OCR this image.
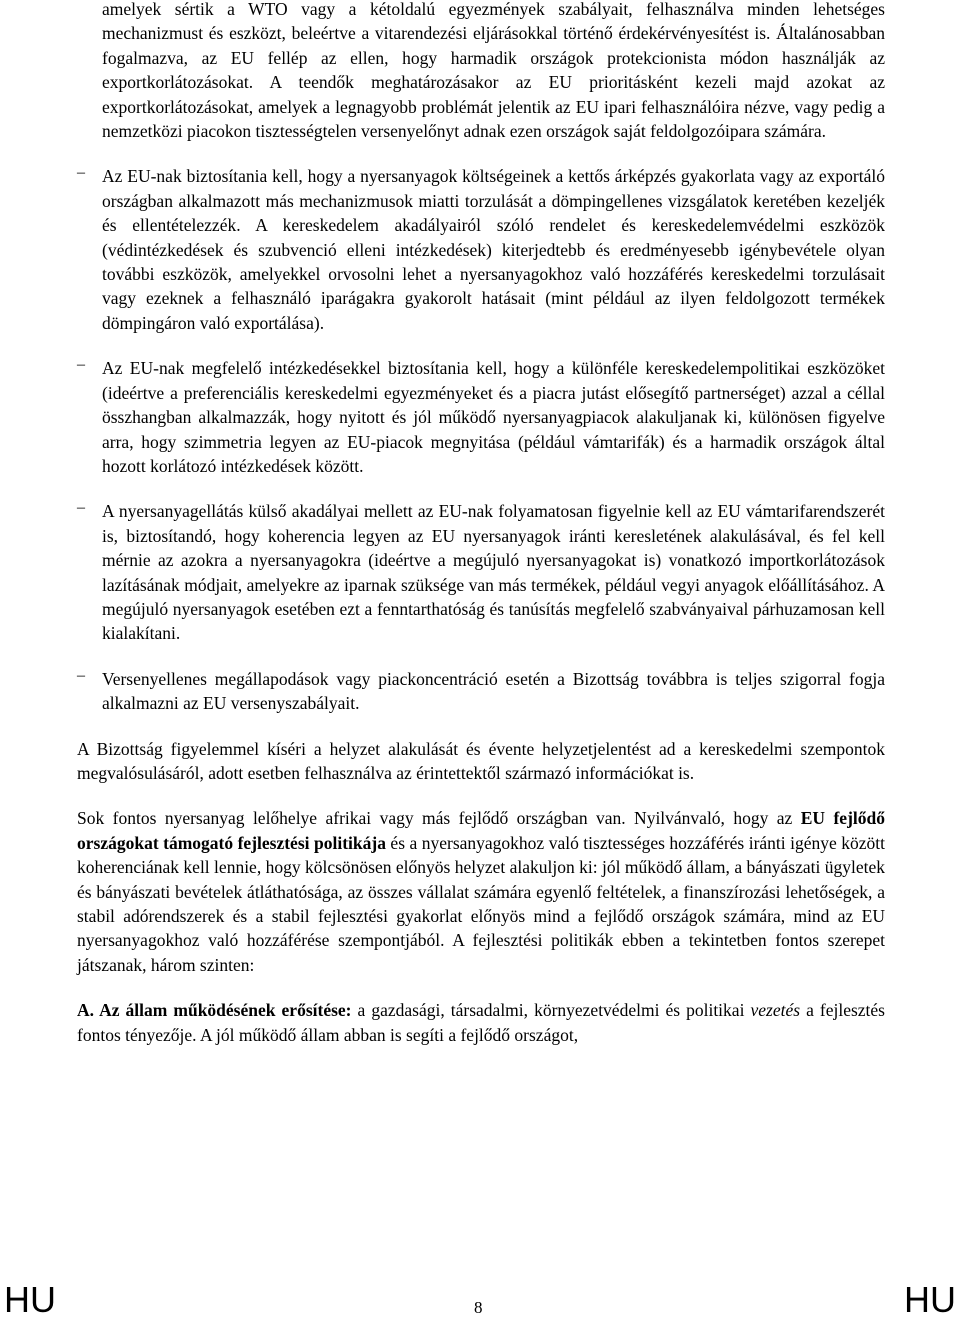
amelyek sértik a WTO vagy a kétoldalú egyezmények szabályait, felhasználva minden lehetséges mechanizmust és eszközt, beleértve a vitarendezési eljárásokkal történő érdekérvényesítést is. Általánosabban fogalmazva, az EU fellép az ellen, hogy harmadik országok protekcionista módon használják az exportkorlátozásokat. A teendők meghatározásakor az EU prioritásként kezeli majd azokat az exportkorlátozásokat, amelyek a legnagyobb problémát jelentik az EU ipari felhasználóira nézve, vagy pedig a nemzetközi piacokon tisztességtelen versenyelőnyt adnak ezen országok saját feldolgozóipara számára.

– Az EU-nak biztosítania kell, hogy a nyersanyagok költségeinek a kettős árképzés gyakorlata vagy az exportáló országban alkalmazott más mechanizmusok miatti torzulását a dömpingellenes vizsgálatok keretében kezeljék és ellentételezzék. A kereskedelem akadályairól szóló rendelet és kereskedelemvédelmi eszközök (védintézkedések és szubvenció elleni intézkedések) kiterjedtebb és eredményesebb igénybevétele olyan további eszközök, amelyekkel orvosolni lehet a nyersanyagokhoz való hozzáférés kereskedelmi torzulásait vagy ezeknek a felhasználó iparágakra gyakorolt hatásait (mint például az ilyen feldolgozott termékek dömpingáron való exportálása).

– Az EU-nak megfelelő intézkedésekkel biztosítania kell, hogy a különféle kereskedelempolitikai eszközöket (ideértve a preferenciális kereskedelmi egyezményeket és a piacra jutást elősegítő partnerséget) azzal a céllal összhangban alkalmazzák, hogy nyitott és jól működő nyersanyagpiacok alakuljanak ki, különösen figyelve arra, hogy szimmetria legyen az EU-piacok megnyitása (például vámtarifák) és a harmadik országok által hozott korlátozó intézkedések között.

– A nyersanyagellátás külső akadályai mellett az EU-nak folyamatosan figyelnie kell az EU vámtarifarendszerét is, biztosítandó, hogy koherencia legyen az EU nyersanyagok iránti keresletének alakulásával, és fel kell mérnie az azokra a nyersanyagokra (ideértve a megújuló nyersanyagokat is) vonatkozó importkorlátozások lazításának módjait, amelyekre az iparnak szüksége van más termékek, például vegyi anyagok előállításához. A megújuló nyersanyagok esetében ezt a fenntarthatóság és tanúsítás megfelelő szabványaival párhuzamosan kell kialakítani.

– Versenyellenes megállapodások vagy piackoncentráció esetén a Bizottság továbbra is teljes szigorral fogja alkalmazni az EU versenyszabályait.

A Bizottság figyelemmel kíséri a helyzet alakulását és évente helyzetjelentést ad a kereskedelmi szempontok megvalósulásáról, adott esetben felhasználva az érintettektől származó információkat is.

Sok fontos nyersanyag lelőhelye afrikai vagy más fejlődő országban van. Nyilvánvaló, hogy az EU fejlődő országokat támogató fejlesztési politikája és a nyersanyagokhoz való tisztességes hozzáférés iránti igénye között koherenciának kell lennie, hogy kölcsönösen előnyös helyzet alakuljon ki: jól működő állam, a bányászati ügyletek és bányászati bevételek átláthatósága, az összes vállalat számára egyenlő feltételek, a finanszírozási lehetőségek, a stabil adórendszerek és a stabil fejlesztési gyakorlat előnyös mind a fejlődő országok számára, mind az EU nyersanyagokhoz való hozzáférése szempontjából. A fejlesztési politikák ebben a tekintetben fontos szerepet játszanak, három szinten:

A. Az állam működésének erősítése: a gazdasági, társadalmi, környezetvédelmi és politikai vezetés a fejlesztés fontos tényezője. A jól működő állam abban is segíti a fejlődő országot,

HU	8	HU
